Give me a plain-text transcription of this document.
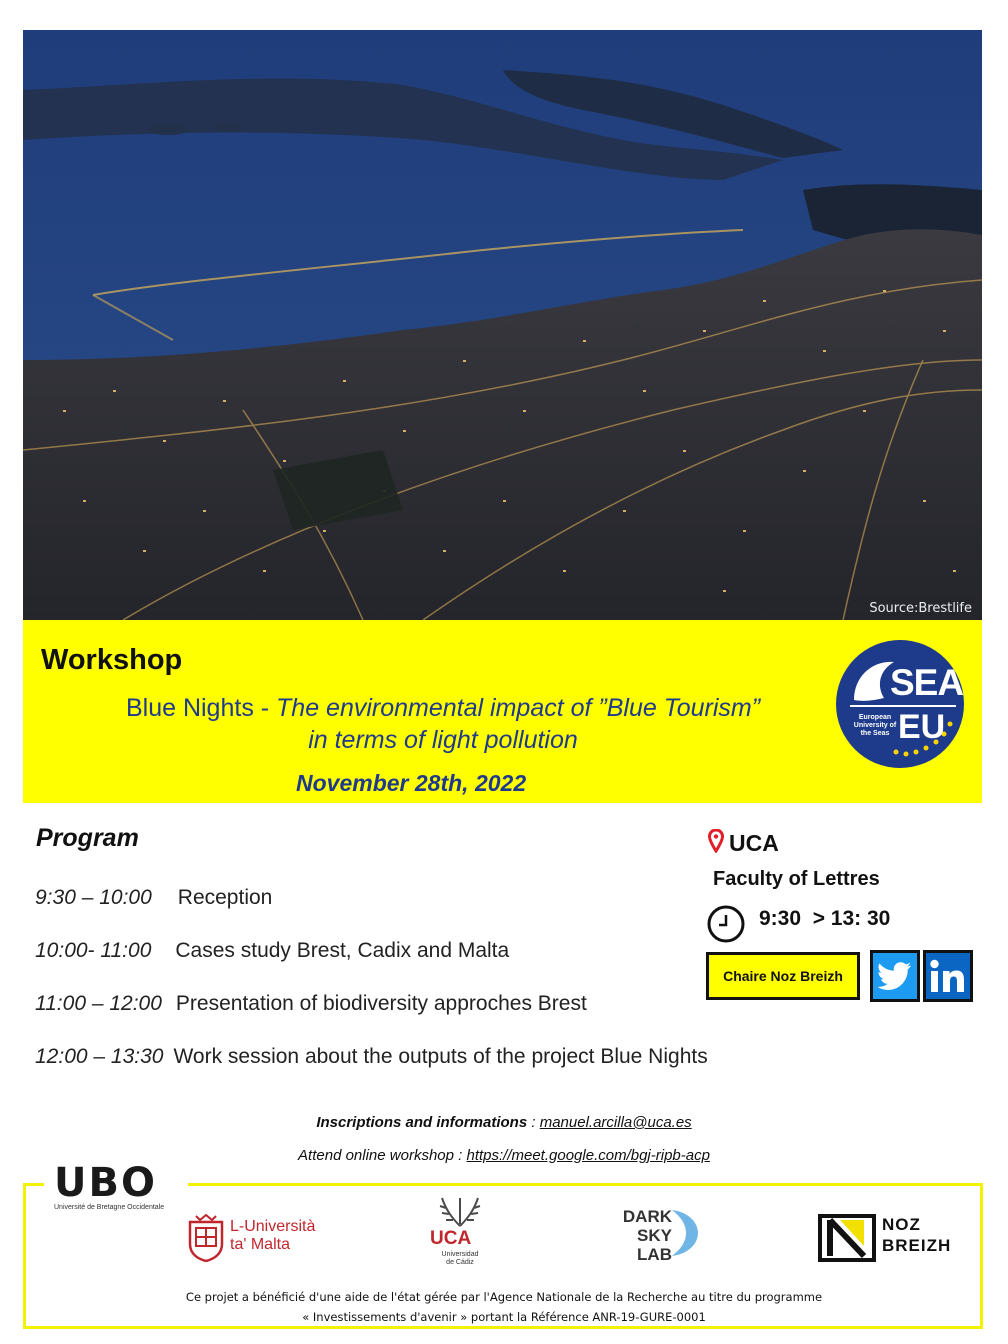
Source:Brestlife
Workshop
Blue Nights - The environmental impact of ”Blue Tourism”
in terms of light pollution
November 28th, 2022
SEA
EU
European University of the Seas
Program
9:30 – 10:00 Reception
10:00- 11:00 Cases study Brest, Cadix and Malta
11:00 – 12:00 Presentation of biodiversity approches Brest
12:00 – 13:30 Work session about the outputs of the project Blue Nights
UCA
Faculty of Lettres
9:30  > 13: 30
Chaire Noz Breizh
Inscriptions and informations : manuel.arcilla@uca.es
Attend online workshop : https://meet.google.com/bgj-ripb-acp
UBO
Université de Bretagne Occidentale
L-Università
ta' Malta	UCA
Universidad
de Cádiz
DARK
SKY
LAB
NOZ
BREIZH
Ce projet a bénéficié d'une aide de l'état gérée par l'Agence Nationale de la Recherche au titre du programme
« Investissements d'avenir » portant la Référence ANR-19-GURE-0001
